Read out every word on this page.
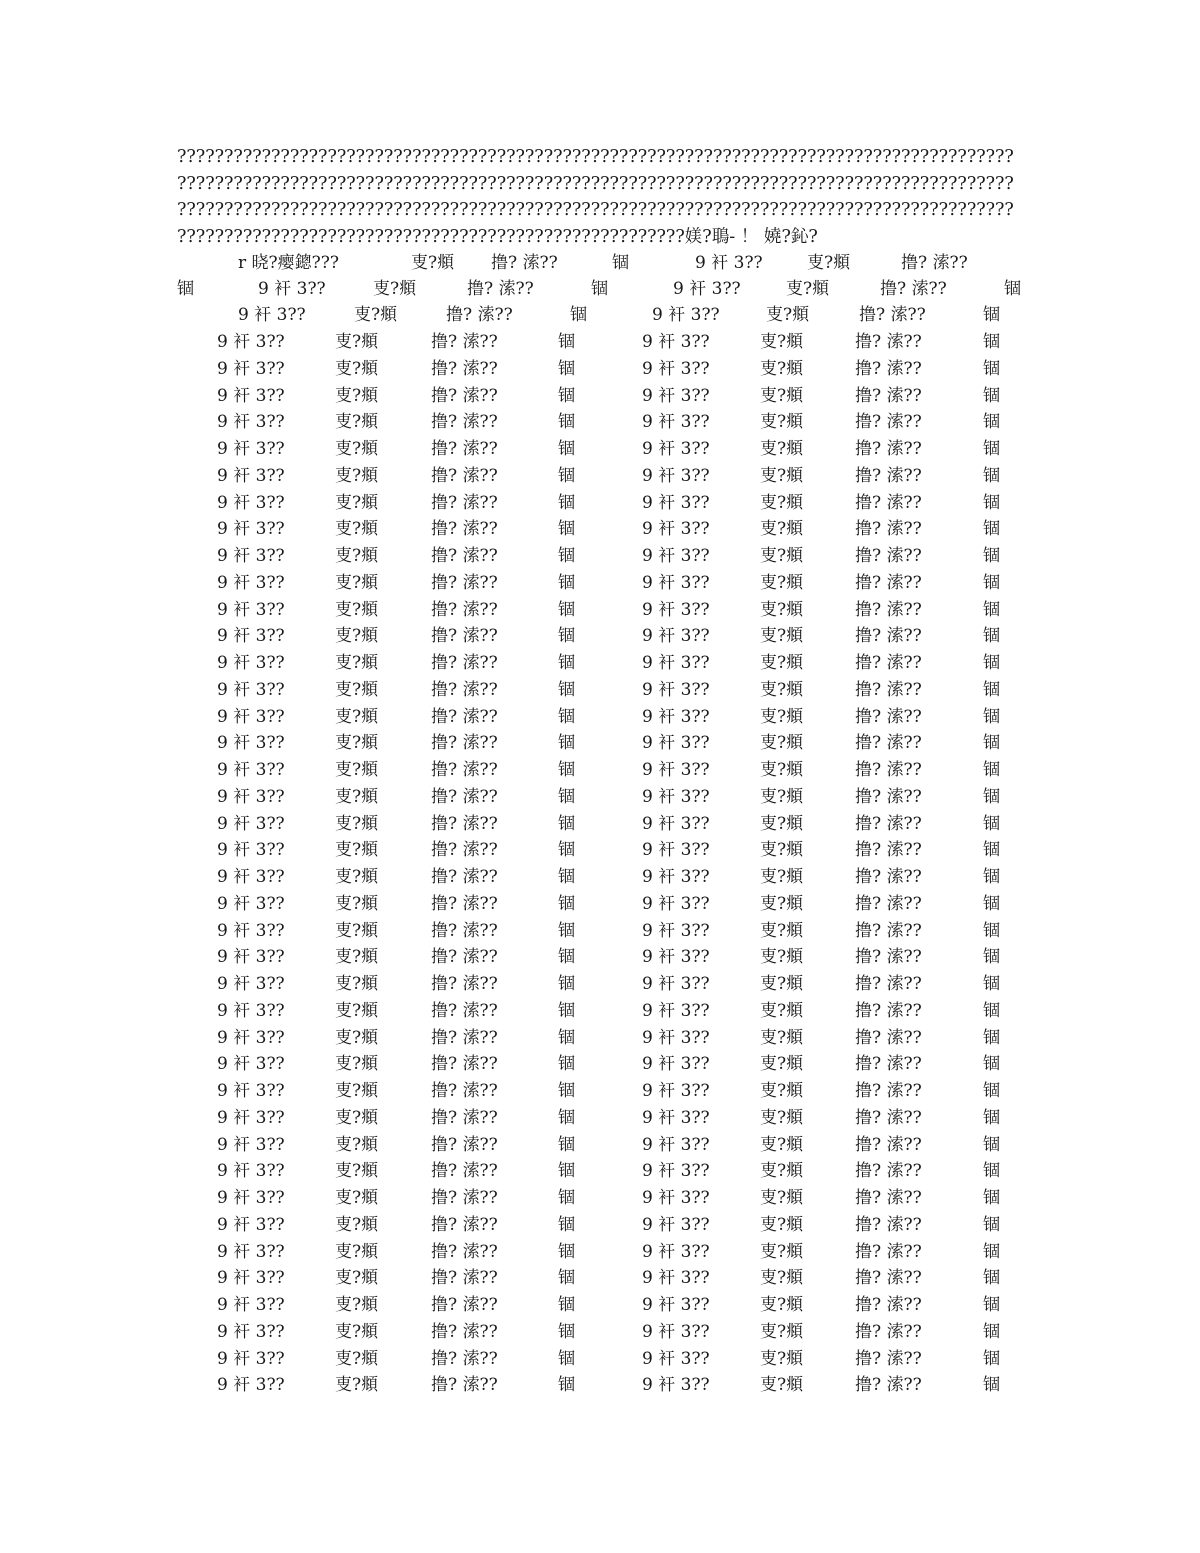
?????????????????????????????????????????????????????????????????????????????????????????
?????????????????????????????????????????????????????????????????????????????????????????
?????????????????????????????????????????????????????????????????????????????????????????
??????????????????????????????????????????????????????媄?鵈- ！ 嬈?鈊?
r 晓?瘿鏓???	叓?頫 撸? 溹??	锢	9 衦 3??	叓?頫	撸? 溹??
锢	9 衦 3??	叓?頫	撸? 溹??	锢	9 衦 3??	叓?頫	撸? 溹??	锢
9 衦 3??	叓?頫	撸? 溹??	锢	9 衦 3??	叓?頫	撸? 溹??	锢
9 衦 3??	叓?頫	撸? 溹??	锢	9 衦 3??	叓?頫	撸? 溹??	锢
9 衦 3??	叓?頫	撸? 溹??	锢	9 衦 3??	叓?頫	撸? 溹??	锢
9 衦 3??	叓?頫	撸? 溹??	锢	9 衦 3??	叓?頫	撸? 溹??	锢
9 衦 3??	叓?頫	撸? 溹??	锢	9 衦 3??	叓?頫	撸? 溹??	锢
9 衦 3??	叓?頫	撸? 溹??	锢	9 衦 3??	叓?頫	撸? 溹??	锢
9 衦 3??	叓?頫	撸? 溹??	锢	9 衦 3??	叓?頫	撸? 溹??	锢
9 衦 3??	叓?頫	撸? 溹??	锢	9 衦 3??	叓?頫	撸? 溹??	锢
9 衦 3??	叓?頫	撸? 溹??	锢	9 衦 3??	叓?頫	撸? 溹??	锢
9 衦 3??	叓?頫	撸? 溹??	锢	9 衦 3??	叓?頫	撸? 溹??	锢
9 衦 3??	叓?頫	撸? 溹??	锢	9 衦 3??	叓?頫	撸? 溹??	锢
9 衦 3??	叓?頫	撸? 溹??	锢	9 衦 3??	叓?頫	撸? 溹??	锢
9 衦 3??	叓?頫	撸? 溹??	锢	9 衦 3??	叓?頫	撸? 溹??	锢
9 衦 3??	叓?頫	撸? 溹??	锢	9 衦 3??	叓?頫	撸? 溹??	锢
9 衦 3??	叓?頫	撸? 溹??	锢	9 衦 3??	叓?頫	撸? 溹??	锢
9 衦 3??	叓?頫	撸? 溹??	锢	9 衦 3??	叓?頫	撸? 溹??	锢
9 衦 3??	叓?頫	撸? 溹??	锢	9 衦 3??	叓?頫	撸? 溹??	锢
9 衦 3??	叓?頫	撸? 溹??	锢	9 衦 3??	叓?頫	撸? 溹??	锢
9 衦 3??	叓?頫	撸? 溹??	锢	9 衦 3??	叓?頫	撸? 溹??	锢
9 衦 3??	叓?頫	撸? 溹??	锢	9 衦 3??	叓?頫	撸? 溹??	锢
9 衦 3??	叓?頫	撸? 溹??	锢	9 衦 3??	叓?頫	撸? 溹??	锢
9 衦 3??	叓?頫	撸? 溹??	锢	9 衦 3??	叓?頫	撸? 溹??	锢
9 衦 3??	叓?頫	撸? 溹??	锢	9 衦 3??	叓?頫	撸? 溹??	锢
9 衦 3??	叓?頫	撸? 溹??	锢	9 衦 3??	叓?頫	撸? 溹??	锢
9 衦 3??	叓?頫	撸? 溹??	锢	9 衦 3??	叓?頫	撸? 溹??	锢
9 衦 3??	叓?頫	撸? 溹??	锢	9 衦 3??	叓?頫	撸? 溹??	锢
9 衦 3??	叓?頫	撸? 溹??	锢	9 衦 3??	叓?頫	撸? 溹??	锢
9 衦 3??	叓?頫	撸? 溹??	锢	9 衦 3??	叓?頫	撸? 溹??	锢
9 衦 3??	叓?頫	撸? 溹??	锢	9 衦 3??	叓?頫	撸? 溹??	锢
9 衦 3??	叓?頫	撸? 溹??	锢	9 衦 3??	叓?頫	撸? 溹??	锢
9 衦 3??	叓?頫	撸? 溹??	锢	9 衦 3??	叓?頫	撸? 溹??	锢
9 衦 3??	叓?頫	撸? 溹??	锢	9 衦 3??	叓?頫	撸? 溹??	锢
9 衦 3??	叓?頫	撸? 溹??	锢	9 衦 3??	叓?頫	撸? 溹??	锢
9 衦 3??	叓?頫	撸? 溹??	锢	9 衦 3??	叓?頫	撸? 溹??	锢
9 衦 3??	叓?頫	撸? 溹??	锢	9 衦 3??	叓?頫	撸? 溹??	锢
9 衦 3??	叓?頫	撸? 溹??	锢	9 衦 3??	叓?頫	撸? 溹??	锢
9 衦 3??	叓?頫	撸? 溹??	锢	9 衦 3??	叓?頫	撸? 溹??	锢
9 衦 3??	叓?頫	撸? 溹??	锢	9 衦 3??	叓?頫	撸? 溹??	锢
9 衦 3??	叓?頫	撸? 溹??	锢	9 衦 3??	叓?頫	撸? 溹??	锢
9 衦 3??	叓?頫	撸? 溹??	锢	9 衦 3??	叓?頫	撸? 溹??	锢
9 衦 3??	叓?頫	撸? 溹??	锢	9 衦 3??	叓?頫	撸? 溹??	锢
